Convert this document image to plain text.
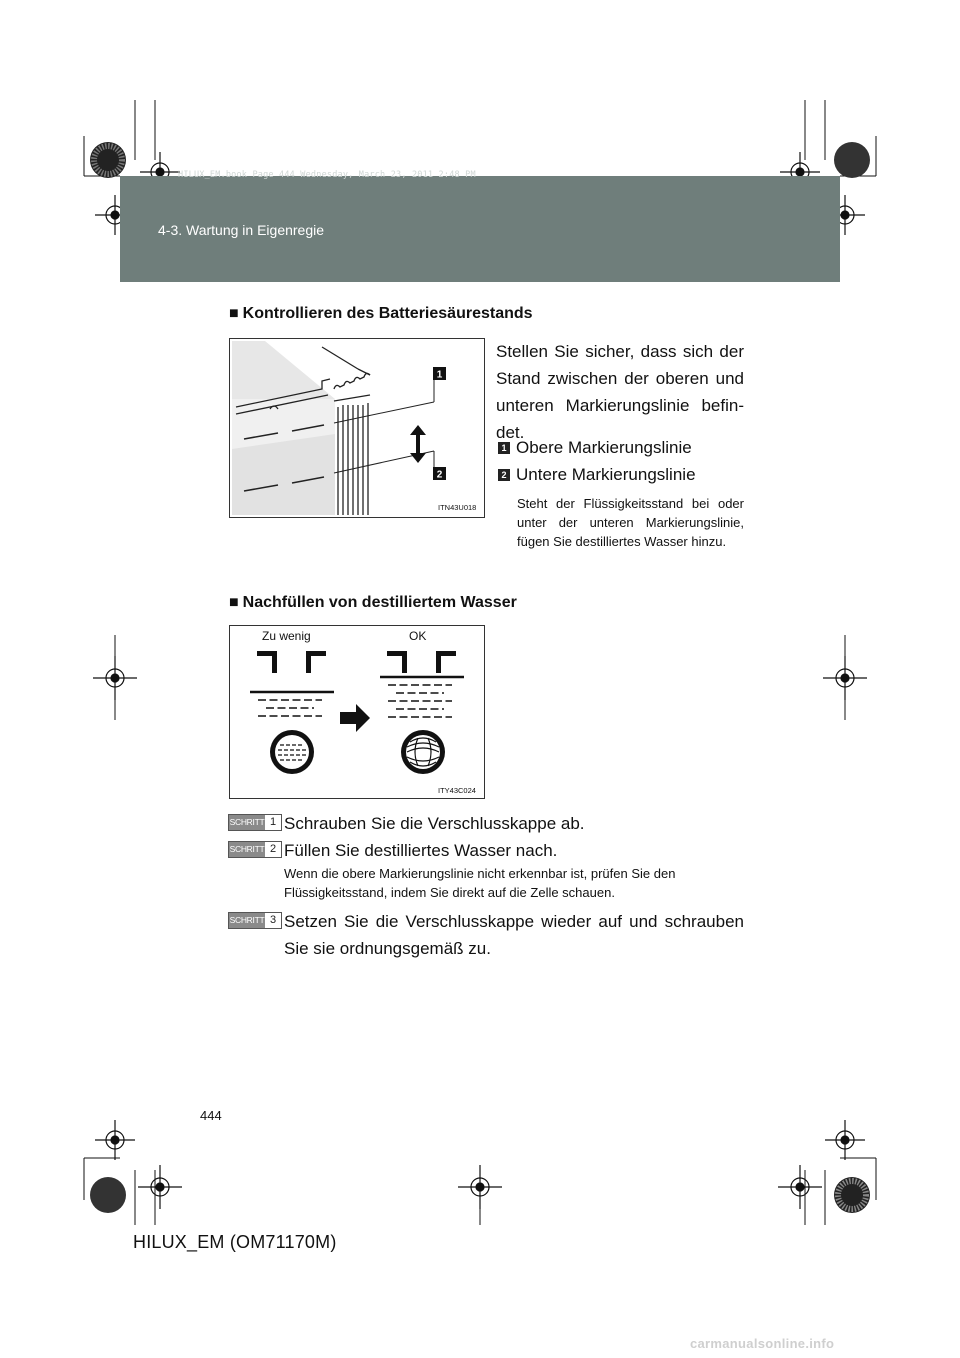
HILUX_EM.book Page 444 Wednesday, March 23, 2011 2:48 PM
4-3. Wartung in Eigenregie
■ Kontrollieren des Batteriesäurestands
1
2
ITN43U018
Stellen Sie sicher, dass sich der Stand zwischen der oberen und unteren Markierungslinie befindet.
1 Obere Markierungslinie
2 Untere Markierungslinie
Steht der Flüssigkeitsstand bei oder unter der unteren Markierungslinie, fügen Sie destilliertes Wasser hinzu.
■ Nachfüllen von destilliertem Wasser
Zu wenig	OK
ITY43C024
SCHRITT 1 Schrauben Sie die Verschlusskappe ab.
SCHRITT 2 Füllen Sie destilliertes Wasser nach.
Wenn die obere Markierungslinie nicht erkennbar ist, prüfen Sie den Flüssigkeitsstand, indem Sie direkt auf die Zelle schauen.
SCHRITT 3 Setzen Sie die Verschlusskappe wieder auf und schrauben Sie sie ordnungsgemäß zu.
444
HILUX_EM (OM71170M)
carmanualsonline.info
